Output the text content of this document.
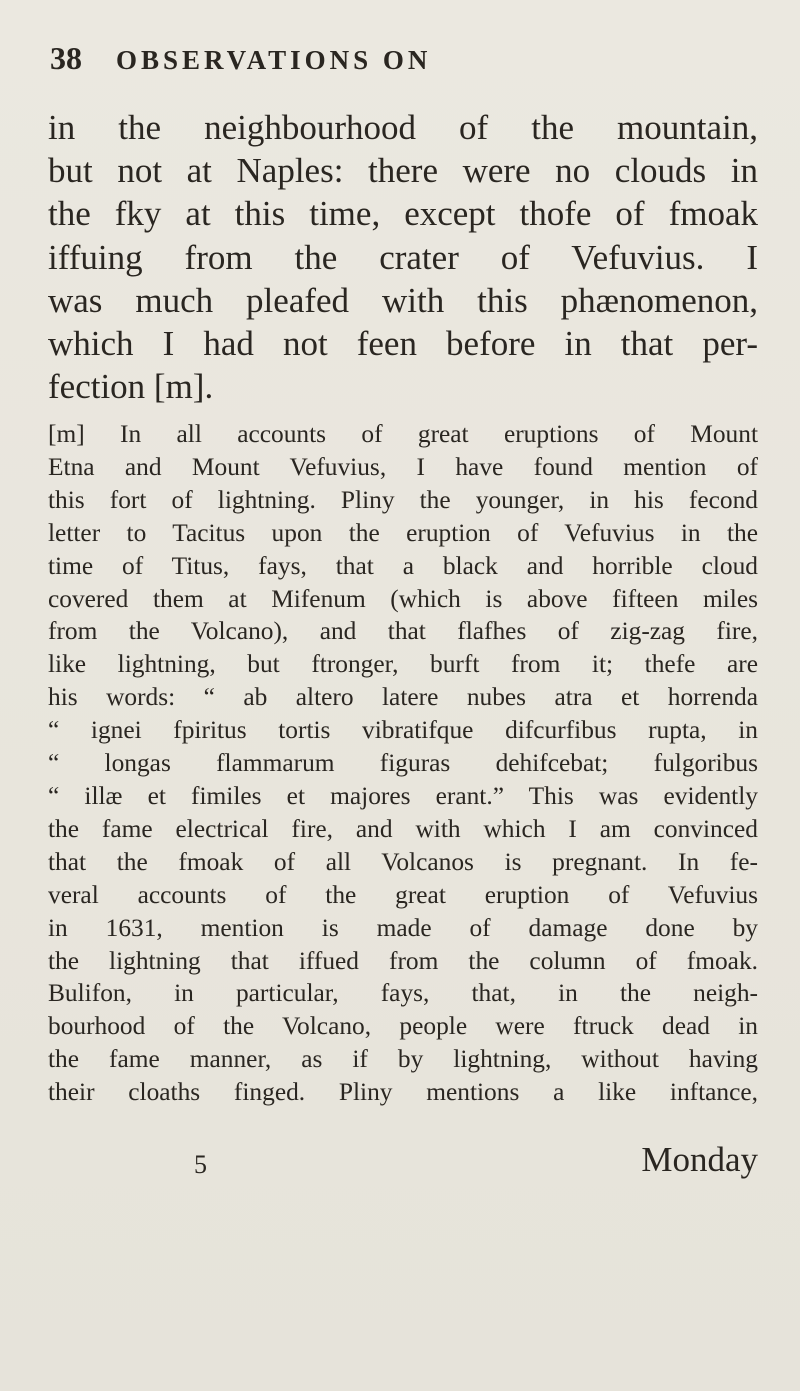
38 OBSERVATIONS ON
in the neighbourhood of the mountain,
but not at Naples: there were no clouds in
the fky at this time, except thofe of fmoak
iffuing from the crater of Vefuvius. I
was much pleafed with this phænomenon,
which I had not feen before in that per-
fection [m].
[m] In all accounts of great eruptions of Mount
Etna and Mount Vefuvius, I have found mention of
this fort of lightning. Pliny the younger, in his fecond
letter to Tacitus upon the eruption of Vefuvius in the
time of Titus, fays, that a black and horrible cloud
covered them at Mifenum (which is above fifteen miles
from the Volcano), and that flafhes of zig-zag fire,
like lightning, but ftronger, burft from it; thefe are
his words: “ ab altero latere nubes atra et horrenda
“ ignei fpiritus tortis vibratifque difcurfibus rupta, in
“ longas flammarum figuras dehifcebat; fulgoribus
“ illæ et fimiles et majores erant.” This was evidently
the fame electrical fire, and with which I am convinced
that the fmoak of all Volcanos is pregnant. In fe-
veral accounts of the great eruption of Vefuvius
in 1631, mention is made of damage done by
the lightning that iffued from the column of fmoak.
Bulifon, in particular, fays, that, in the neigh-
bourhood of the Volcano, people were ftruck dead in
the fame manner, as if by lightning, without having
their cloaths finged. Pliny mentions a like inftance,
5	Monday
